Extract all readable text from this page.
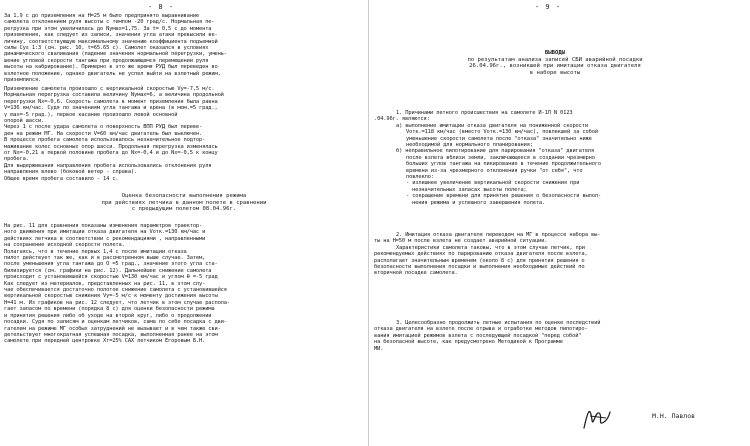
- 8 -
За 1,9 с до приземления на Н=25 м было предпринято выравнивание
самолета отклонением руля высоты с темпом -20 град/с. Нормальная пе-
регрузка при этом увеличилась до Nумах=1,75. За t= 0,5 с до момента
приземления, как следует из записи, значения угла атаки превысили ве-
личину, соответствующую максимальному значению коэффициента подъемной
силы Cуs 1:3 (см. рис. 10, t=65.65 с). Самолет оказался в условиях
динамического сваливания (падение значения нормальной перегрузки, умень-
шение угловой скорости тангажа при продолжающемся перемещении руля
высоты на кабрирование). Примерно в это же время РУД был переведен во
взлетное положение, однако двигатель не успел выйти на взлетный режим,
приземлился.
Приземление самолета произошло с вертикальной скоростью Vy=-7,5 м/с.
Нормальная перегрузка составила величину Nумах=6, а величина продольной
перегрузки Nх=-0,6. Скорость самолета в момент приземления была равна
V=136 км/час. Судя по значениям угла тангажа и крена (в мом.=5 град.,
γ max=-5 град.), первое касание произошло левой основной
опорой шасси.
Через 1 с после удара самолета о поверхность ВПП РУД был переве-
ден на режим МГ. На скорости V=60 км/час двигатель был выключен.
В процессе пробега самолета использовалось незначительное подтор-
маживание колес основных опор шасси. Продольная перегрузка изменялась
от Nх=-0,21 в первой половине пробега до Nх=-0,4 и до Nх=-0,5 к концу
пробега.
Для выдерживания направления пробега использовались отклонения руля
направления влево (боковой ветер - справа).
Общее время пробега составило - 14 с.
Оценка безопасности выполнения режима
при действиях летчика в данном полете в сравнении
с предыдущим полетом 08.04.96г.
На рис. 11 для сравнения показаны изменения параметров траектор-
ного движения при имитации отказа двигателя на Vотк.=130 км/час и
действиях летчика в соответствии с рекомендациями , направленными
на сохранение исходной скорости полета.
Полагаясь, что в течение первых 1,4 с после имитации отказа
пилот действует так же, как и в рассмотренном выше случае. Затем,
после уменьшения угла тангажа до О =5 град., значение этого угла ста-
билизируется (см. графики на рис. 12). Дальнейшее снижение самолета
происходит с установившейся скоростью V=130 км/час и углом θ =-5 град
Как следует из материалов, представленных на рис. 11, в этом слу-
чае обеспечивается достаточно пологое снижение самолета с установившейся
вертикальной скоростью снижения Vy=-5 м/с к моменту достижения высоты
Н=41 м. Из графиков на рис. 12 следует, что летчик в этом случае распола-
гает запасом по времени (порядка 8 с) для оценки безопасности режима
и принятия решения либо об уходе на второй круг, либо о продолжении
посадки. Судя по записям и оценкам летчиков, сама по себе посадка с дви-
гателем на режиме МГ особых затруднений не вызывает и в чем также сви-
детельствует многократная успешная посадка, выполненная ранее на этом
самолете при передней центровке Xт=25% САХ летчиком Егоровым Б.Н.
- 9 -
ВЫВОДЫ
по результатам анализа записей СБИ аварийной посадки
26.04.96г., возникшей при имитации отказа двигателя
в наборе высоты
1. Причинами летного происшествия на самолете И-1Л N 0123
.04.96г. являются:
а) выполнение имитации отказа двигателя на пониженной скорости
Vотк.=118 км/час (вместо Vотк.=130 км/час), повлекшей за собой
уменьшение скорости самолета после "отказа" значительно ниже
необходимой для нормального планирования;
б) неправильное пилотирование для парирования "отказа" двигателя
после взлета вблизи земли, заключающееся в создании чрезмерно
больших углов тангажа на пикирование в течение продолжительного
времени из-за чрезмерного отклонения ручки "от себя", что
повлекло:
- излишнее увеличение вертикальной скорости снижения при
незначительных запасах высоты полета;
- сокращение времени для принятия решения о безопасности выпол-
нения режима и успешного завершения полета.
2. Имитация отказа двигателя переводом на МГ в процессе набора вы-
ты на Н=50 м после взлета не создает аварийной ситуации.
Характеристики самолета таковы, что в этом случае летчик, при
рекомендуемых действиях по парированию отказа двигателя после взлета,
располагает значительным временем (около 8 с) для принятия решения о
безопасности выполнения посадки и выполнения необходимых действий по
вторичной посадке самолета.
3. Целесообразно продолжить летные испытания по оценке последствий
отказа двигателя на взлете после отрыва и отработке методов пилотиро-
вания имитацией режимов взлета с последующей посадкой "перед собой"
на безопасной высоте, как предусмотрено Методикой к Программе
МИ.
М.Н. Павлов
